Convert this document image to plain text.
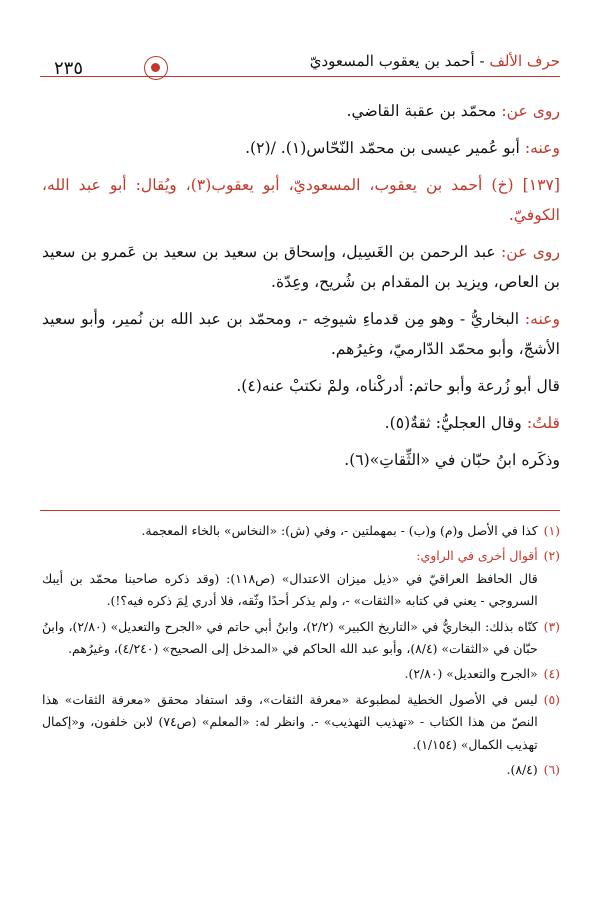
حرف الألف - أحمد بن يعقوب المسعوديّ
٢٣٥

روى عن: محمّد بن عقبة القاضي.

وعنه: أبو عُمير عيسى بن محمّد النّحّاس(١). /(٢).

[١٣٧] (خ) أحمد بن يعقوب، المسعوديّ، أبو يعقوب(٣)، ويُقال: أبو عبد الله، الكوفيّ.

روى عن: عبد الرحمن بن الغَسِيل، وإسحاق بن سعيد بن سعيد بن عَمرو بن سعيد بن العاص، ويزيد بن المقدام بن شُريح، وعِدّة.

وعنه: البخاريُّ - وهو مِن قدماءِ شيوخِه -، ومحمّد بن عبد الله بن نُمير، وأبو سعيد الأشجّ، وأبو محمّد الدّارميّ، وغيرُهم.

قال أبو زُرعة وأبو حاتم: أدركْناه، ولمْ نكتبْ عنه(٤).

قلتُ: وقال العجليُّ: ثقةٌ(٥).

وذكَره ابنُ حبّان في «الثِّقاتِ»(٦).

(١)
كذا في الأصل و(م) و(ب) - بمهملتين -، وفي (ش): «النخاس» بالخاء المعجمة.
(٢)
أقوال أخرى في الراوي:
قال الحافظ العراقيّ في «ذيل ميزان الاعتدال» (ص١١٨): (وقد ذكره صاحبنا محمّد بن أيبك السروجي - يعني في كتابه «الثقات» -، ولم يذكر أحدًا وثّقه، فلا أدري لِمَ ذكره فيه؟!).
(٣)
كنّاه بذلك: البخاريُّ في «التاريخ الكبير» (٢/٢)، وابنُ أبي حاتم في «الجرح والتعديل» (٢/٨٠)، وابنُ حبّان في «الثقات» (٨/٤)، وأبو عبد الله الحاكم في «المدخل إلى الصحيح» (٤/٢٤٠)، وغيرُهم.
(٤)
«الجرح والتعديل» (٢/٨٠).
(٥)
ليس في الأصول الخطية لمطبوعة «معرفة الثقات»، وقد استفاد محقق «معرفة الثقات» هذا النصّ من هذا الكتاب - «تهذيب التهذيب» -. وانظر له: «المعلم» (ص٧٤) لابن خلفون، و«إكمال تهذيب الكمال» (١/١٥٤).
(٦)
(٨/٤).
